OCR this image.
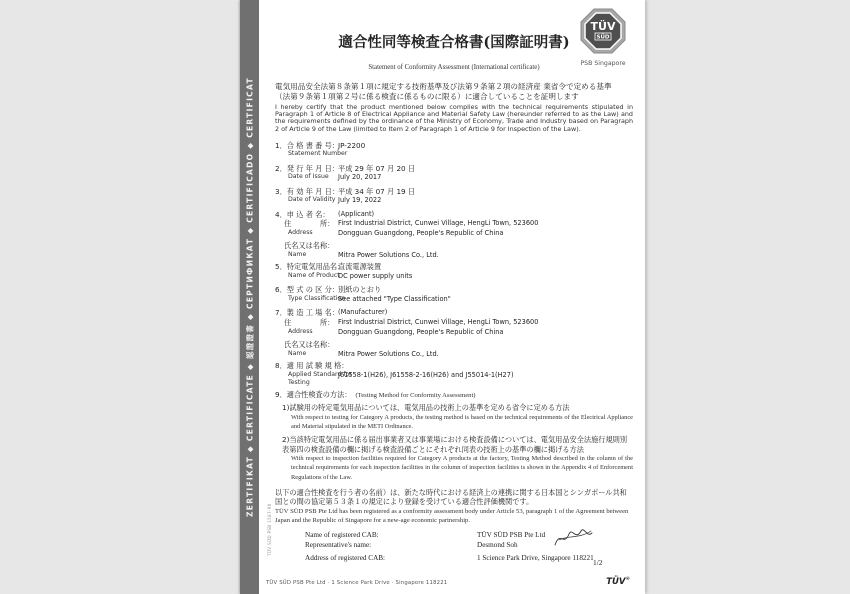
ZERTIFIKAT ◆ CERTIFICATE ◆ 認證證書 ◆ СЕРТИФИКАТ ◆ CERTIFICADO ◆ CERTIFICAT
TÜV
SÜD
PSB Singapore
TÜV SÜD PSB 1587-90
適合性同等検査合格書(国際証明書)
Statement of Conformity Assessment (International certificate)
電気用品安全法第８条第１項に規定する技術基準及び法第９条第２項の経済産 業省令で定める基準
（法第９条第１項第２号に係る検査に係るものに限る）に適合していることを証明します
I hereby certify that the product mentioned below complies with the technical requirements stipulated in Paragraph 1 of Article 8 of Electrical Appliance and Material Safety Law (hereunder referred to as the Law) and the requirements defined by the ordinance of the Ministry of Economy, Trade and Industry based on Paragraph 2 of Article 9 of the Law (limited to Item 2 of Paragraph 1 of Article 9 for Inspection of the Law).
1．合 格 書 番 号：
JP-2200
Statement Number
2．発 行 年 月 日：
平成 29 年 07 月 20 日
Date of Issue	July 20, 2017
3．有 効 年 月 日：
平成 34 年 07 月 19 日
Date of Validity July 19, 2022
4．申 込 者 名：	(Applicant)
住　　　　所： First Industrial District, Cunwei Village, HengLi Town, 523600
Address	Dongguan Guangdong, People's Republic of China
氏名又は名称：
Name	Mitra Power Solutions Co., Ltd.
5．特定電気用品名：
直流電源装置
Name of Product
DC power supply units
6．型 式 の 区 分：
別紙のとおり
Type Classification
See attached "Type Classification"
7．製 造 工 場 名：
(Manufacturer)
住　　　　所： First Industrial District, Cunwei Village, HengLi Town, 523600
Address	Dongguan Guangdong, People's Republic of China
氏名又は名称：
Name	Mitra Power Solutions Co., Ltd.
8．適 用 試 験 規 格：
Applied Standard for
J61558-1(H26), J61558-2-16(H26) and J55014-1(H27)
Testing
9．適合性検査の方法： (Testing Method for Conformity Assessment)
1)試験用の特定電気用品については、電気用品の技術上の基準を定める省令に定める方法
With respect to testing for Category A products, the testing method is based on the technical requirements of the Electrical Appliance and Material stipulated in the METI Ordinance.
2)当該特定電気用品に係る届出事業者又は事業場における検査設備については、電気用品安全法施行規則別表第四の検査設備の欄に掲げる検査設備ごとにそれぞれ同表の技術上の基準の欄に掲げる方法
With respect to inspection facilities required for Category A products at the factory, Testing Method described in the column of the technical requirements for each inspection facilities in the column of inspection facilities is shown in the Appendix 4 of Enforcement Regulations of the Law.
以下の適合性検査を行う者の名前）は、新たな時代における経済上の連携に関する日本国とシンガポール共和国との間の協定第５３条１の規定により登録を受けている適合性評価機関です。
TÜV SÜD PSB Pte Ltd has been registered as a conformity assessment body under Article 53, paragraph 1 of the Agreement between Japan and the Republic of Singapore for a new-age economic partnership.
Name of registered CAB:	TÜV SÜD PSB Pte Ltd
Representative's name:	Desmond Soh
Address of registered CAB:	1 Science Park Drive, Singapore 118221
1/2
TÜV SÜD PSB Pte Ltd · 1 Science Park Drive · Singapore 118221	TÜV®
